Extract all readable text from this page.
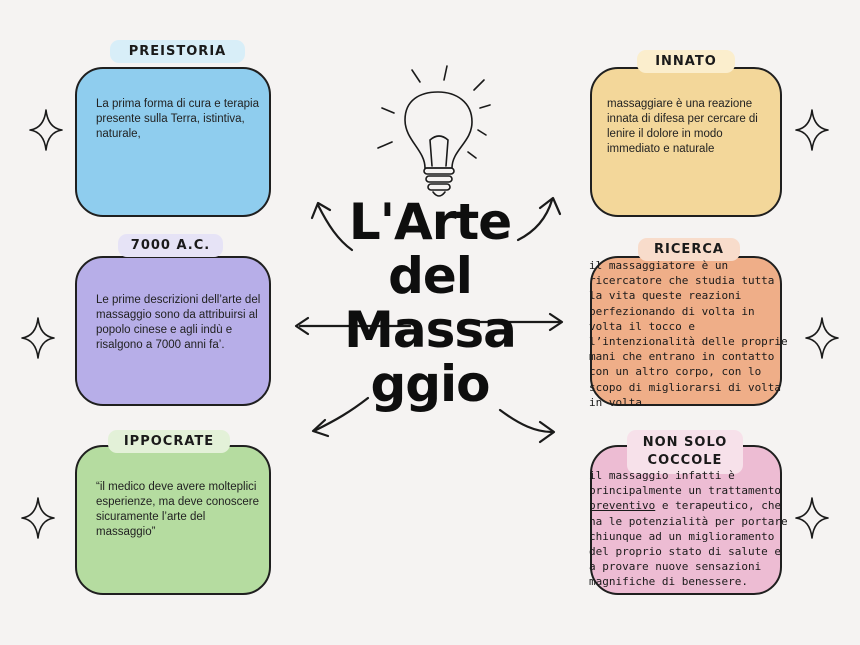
L'Arte
del
Massa
ggio
PREISTORIA
La prima forma di cura e terapia presente sulla Terra, istintiva, naturale,
7000 A.C.
Le prime descrizioni dell’arte del massaggio sono da attribuirsi al popolo cinese e agli indù e risalgono a 7000 anni fa’.
IPPOCRATE
“il medico deve avere molteplici esperienze, ma deve conoscere sicuramente l’arte del massaggio”
INNATO
massaggiare è una reazione innata di difesa per cercare di lenire il dolore in modo immediato e naturale
RICERCA
il massaggiatore è un ricercatore che studia tutta la vita queste reazioni perfezionando di volta in volta il tocco e l’intenzionalità delle proprie mani che entrano in contatto con un altro corpo, con lo scopo di migliorarsi di volta in volta.
NON SOLO COCCOLE
il massaggio infatti è principalmente un trattamento preventivo e terapeutico, che ha le potenzialità per portare chiunque ad un miglioramento del proprio stato di salute e a provare nuove sensazioni magnifiche di benessere.
